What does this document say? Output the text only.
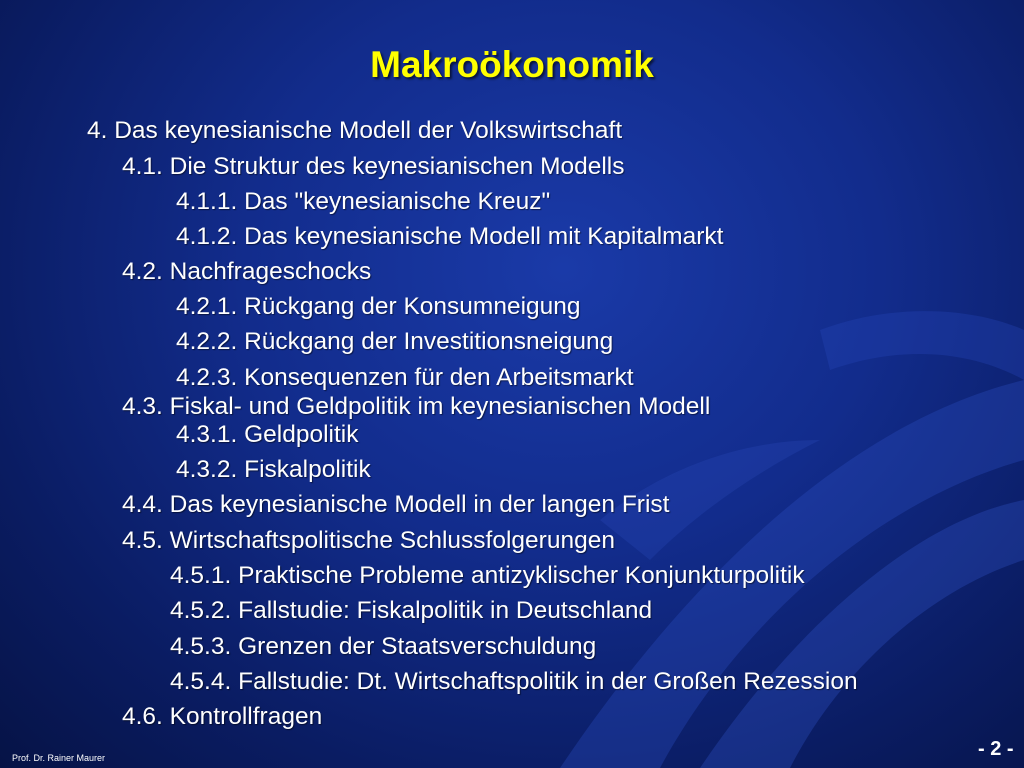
Makroökonomik
4. Das keynesianische Modell der Volkswirtschaft
4.1. Die Struktur des keynesianischen Modells
4.1.1. Das "keynesianische Kreuz"
4.1.2. Das keynesianische Modell mit Kapitalmarkt
4.2. Nachfrageschocks
4.2.1. Rückgang der Konsumneigung
4.2.2. Rückgang der Investitionsneigung
4.2.3. Konsequenzen für den Arbeitsmarkt
4.3. Fiskal- und Geldpolitik im keynesianischen Modell
4.3.1. Geldpolitik
4.3.2. Fiskalpolitik
4.4. Das keynesianische Modell in der langen Frist
4.5. Wirtschaftspolitische Schlussfolgerungen
4.5.1. Praktische Probleme antizyklischer Konjunkturpolitik
4.5.2. Fallstudie: Fiskalpolitik in Deutschland
4.5.3. Grenzen der Staatsverschuldung
4.5.4. Fallstudie: Dt. Wirtschaftspolitik in der Großen Rezession
4.6. Kontrollfragen
Prof. Dr. Rainer Maurer	- 2 -
